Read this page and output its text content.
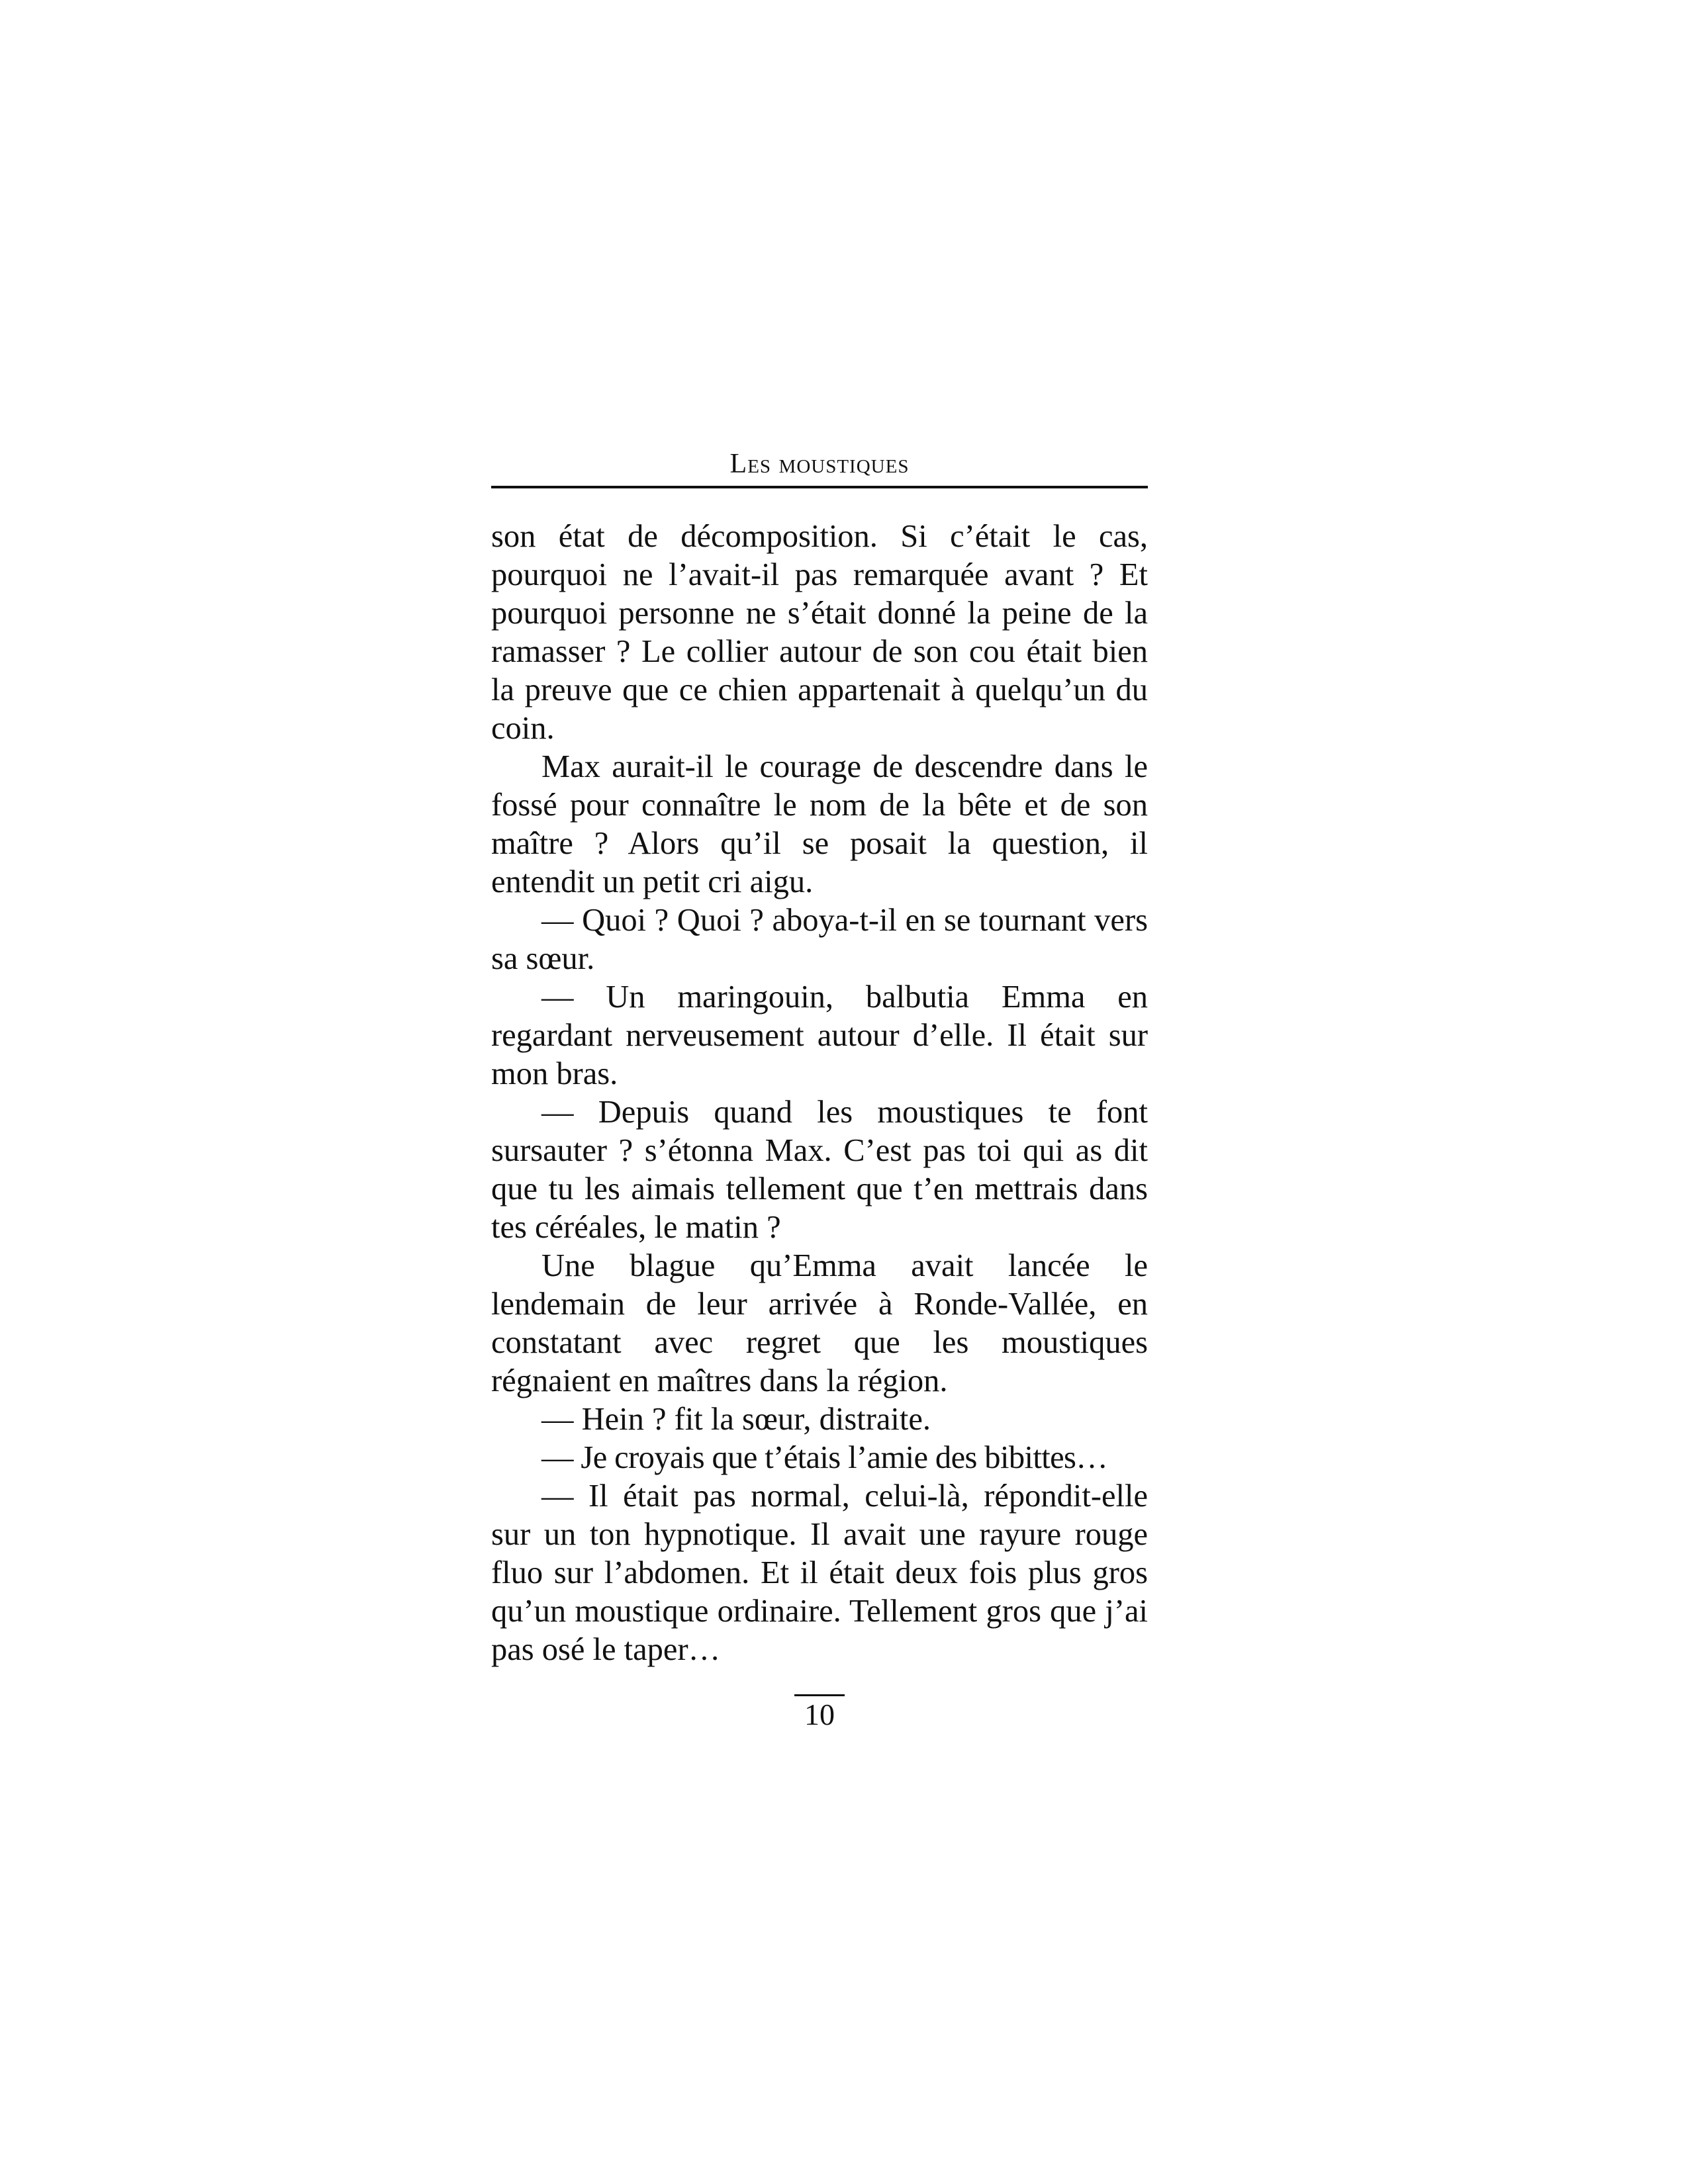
Les moustiques

son état de décomposition. Si c’était le cas, pourquoi ne l’avait-il pas remarquée avant ? Et pourquoi personne ne s’était donné la peine de la ramasser ? Le collier autour de son cou était bien la preuve que ce chien appartenait à quelqu’un du coin.

Max aurait-il le courage de descendre dans le fossé pour connaître le nom de la bête et de son maître ? Alors qu’il se posait la question, il entendit un petit cri aigu.

— Quoi ? Quoi ? aboya-t-il en se tournant vers sa sœur.

— Un maringouin, balbutia Emma en regardant nerveusement autour d’elle. Il était sur mon bras.

— Depuis quand les moustiques te font sursauter ? s’étonna Max. C’est pas toi qui as dit que tu les aimais tellement que t’en mettrais dans tes céréales, le matin ?

Une blague qu’Emma avait lancée le lendemain de leur arrivée à Ronde-Vallée, en constatant avec regret que les moustiques régnaient en maîtres dans la région.

— Hein ? fit la sœur, distraite.

— Je croyais que t’étais l’amie des bibittes…

— Il était pas normal, celui-là, répondit-elle sur un ton hypnotique. Il avait une rayure rouge fluo sur l’abdomen. Et il était deux fois plus gros qu’un moustique ordinaire. Tellement gros que j’ai pas osé le taper…

10
